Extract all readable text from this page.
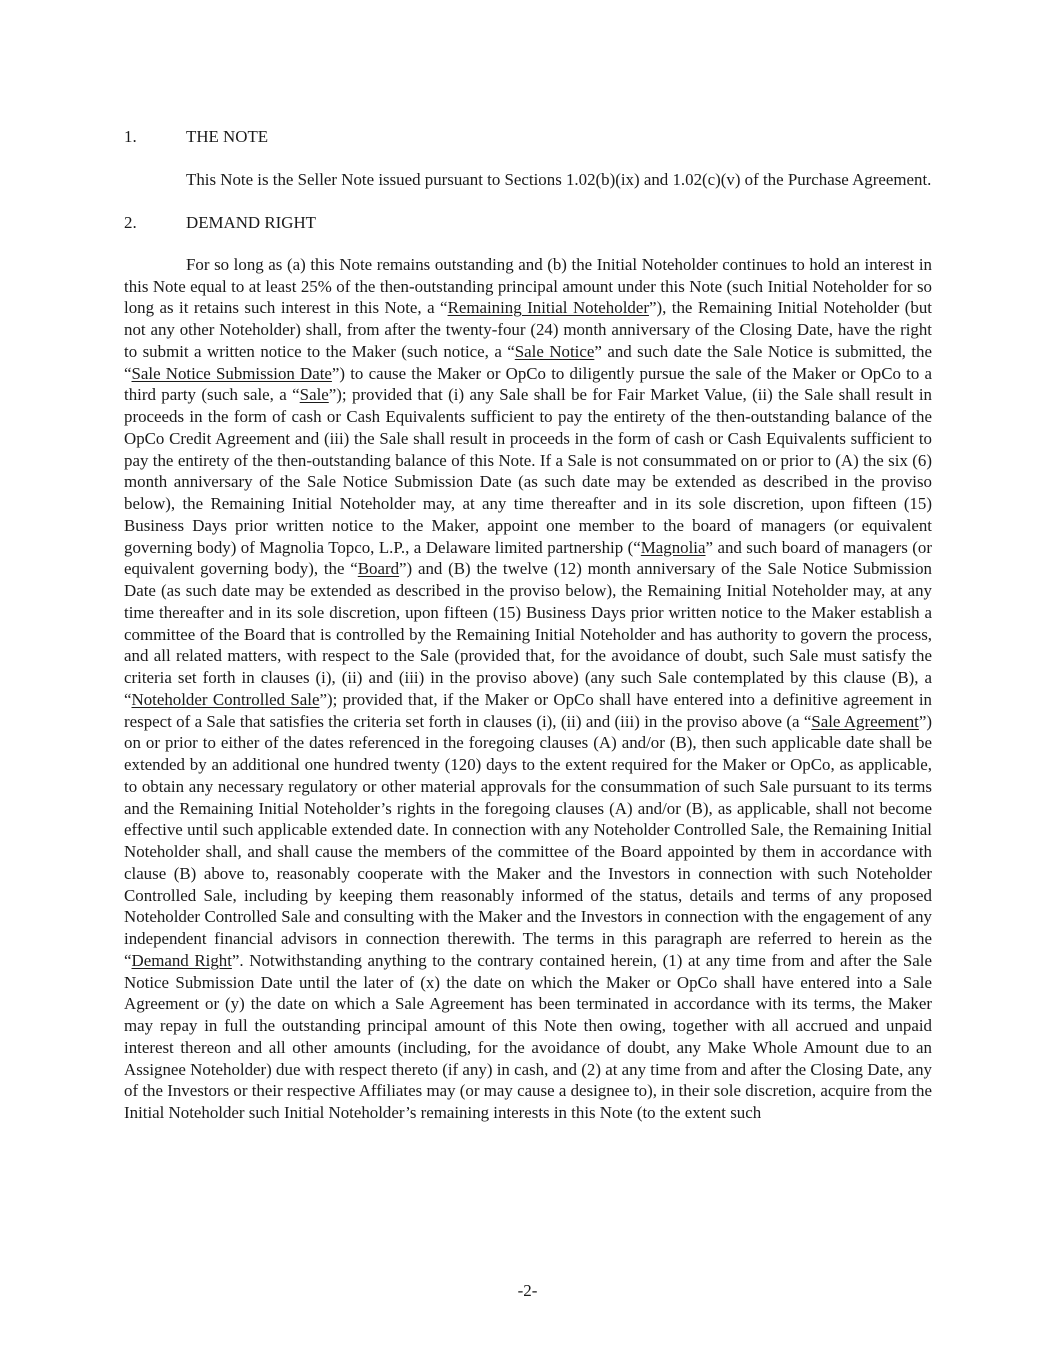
1.	THE NOTE

This Note is the Seller Note issued pursuant to Sections 1.02(b)(ix) and 1.02(c)(v) of the Purchase Agreement.

2.	DEMAND RIGHT

For so long as (a) this Note remains outstanding and (b) the Initial Noteholder continues to hold an interest in this Note equal to at least 25% of the then-outstanding principal amount under this Note (such Initial Noteholder for so long as it retains such interest in this Note, a “Remaining Initial Noteholder”), the Remaining Initial Noteholder (but not any other Noteholder) shall, from after the twenty-four (24) month anniversary of the Closing Date, have the right to submit a written notice to the Maker (such notice, a “Sale Notice” and such date the Sale Notice is submitted, the “Sale Notice Submission Date”) to cause the Maker or OpCo to diligently pursue the sale of the Maker or OpCo to a third party (such sale, a “Sale”); provided that (i) any Sale shall be for Fair Market Value, (ii) the Sale shall result in proceeds in the form of cash or Cash Equivalents sufficient to pay the entirety of the then-outstanding balance of the OpCo Credit Agreement and (iii) the Sale shall result in proceeds in the form of cash or Cash Equivalents sufficient to pay the entirety of the then-outstanding balance of this Note. If a Sale is not consummated on or prior to (A) the six (6) month anniversary of the Sale Notice Submission Date (as such date may be extended as described in the proviso below), the Remaining Initial Noteholder may, at any time thereafter and in its sole discretion, upon fifteen (15) Business Days prior written notice to the Maker, appoint one member to the board of managers (or equivalent governing body) of Magnolia Topco, L.P., a Delaware limited partnership (“Magnolia” and such board of managers (or equivalent governing body), the “Board”) and (B) the twelve (12) month anniversary of the Sale Notice Submission Date (as such date may be extended as described in the proviso below), the Remaining Initial Noteholder may, at any time thereafter and in its sole discretion, upon fifteen (15) Business Days prior written notice to the Maker establish a committee of the Board that is controlled by the Remaining Initial Noteholder and has authority to govern the process, and all related matters, with respect to the Sale (provided that, for the avoidance of doubt, such Sale must satisfy the criteria set forth in clauses (i), (ii) and (iii) in the proviso above) (any such Sale contemplated by this clause (B), a “Noteholder Controlled Sale”); provided that, if the Maker or OpCo shall have entered into a definitive agreement in respect of a Sale that satisfies the criteria set forth in clauses (i), (ii) and (iii) in the proviso above (a “Sale Agreement”) on or prior to either of the dates referenced in the foregoing clauses (A) and/or (B), then such applicable date shall be extended by an additional one hundred twenty (120) days to the extent required for the Maker or OpCo, as applicable, to obtain any necessary regulatory or other material approvals for the consummation of such Sale pursuant to its terms and the Remaining Initial Noteholder’s rights in the foregoing clauses (A) and/or (B), as applicable, shall not become effective until such applicable extended date. In connection with any Noteholder Controlled Sale, the Remaining Initial Noteholder shall, and shall cause the members of the committee of the Board appointed by them in accordance with clause (B) above to, reasonably cooperate with the Maker and the Investors in connection with such Noteholder Controlled Sale, including by keeping them reasonably informed of the status, details and terms of any proposed Noteholder Controlled Sale and consulting with the Maker and the Investors in connection with the engagement of any independent financial advisors in connection therewith. The terms in this paragraph are referred to herein as the “Demand Right”. Notwithstanding anything to the contrary contained herein, (1) at any time from and after the Sale Notice Submission Date until the later of (x) the date on which the Maker or OpCo shall have entered into a Sale Agreement or (y) the date on which a Sale Agreement has been terminated in accordance with its terms, the Maker may repay in full the outstanding principal amount of this Note then owing, together with all accrued and unpaid interest thereon and all other amounts (including, for the avoidance of doubt, any Make Whole Amount due to an Assignee Noteholder) due with respect thereto (if any) in cash, and (2) at any time from and after the Closing Date, any of the Investors or their respective Affiliates may (or may cause a designee to), in their sole discretion, acquire from the Initial Noteholder such Initial Noteholder’s remaining interests in this Note (to the extent such

-2-
